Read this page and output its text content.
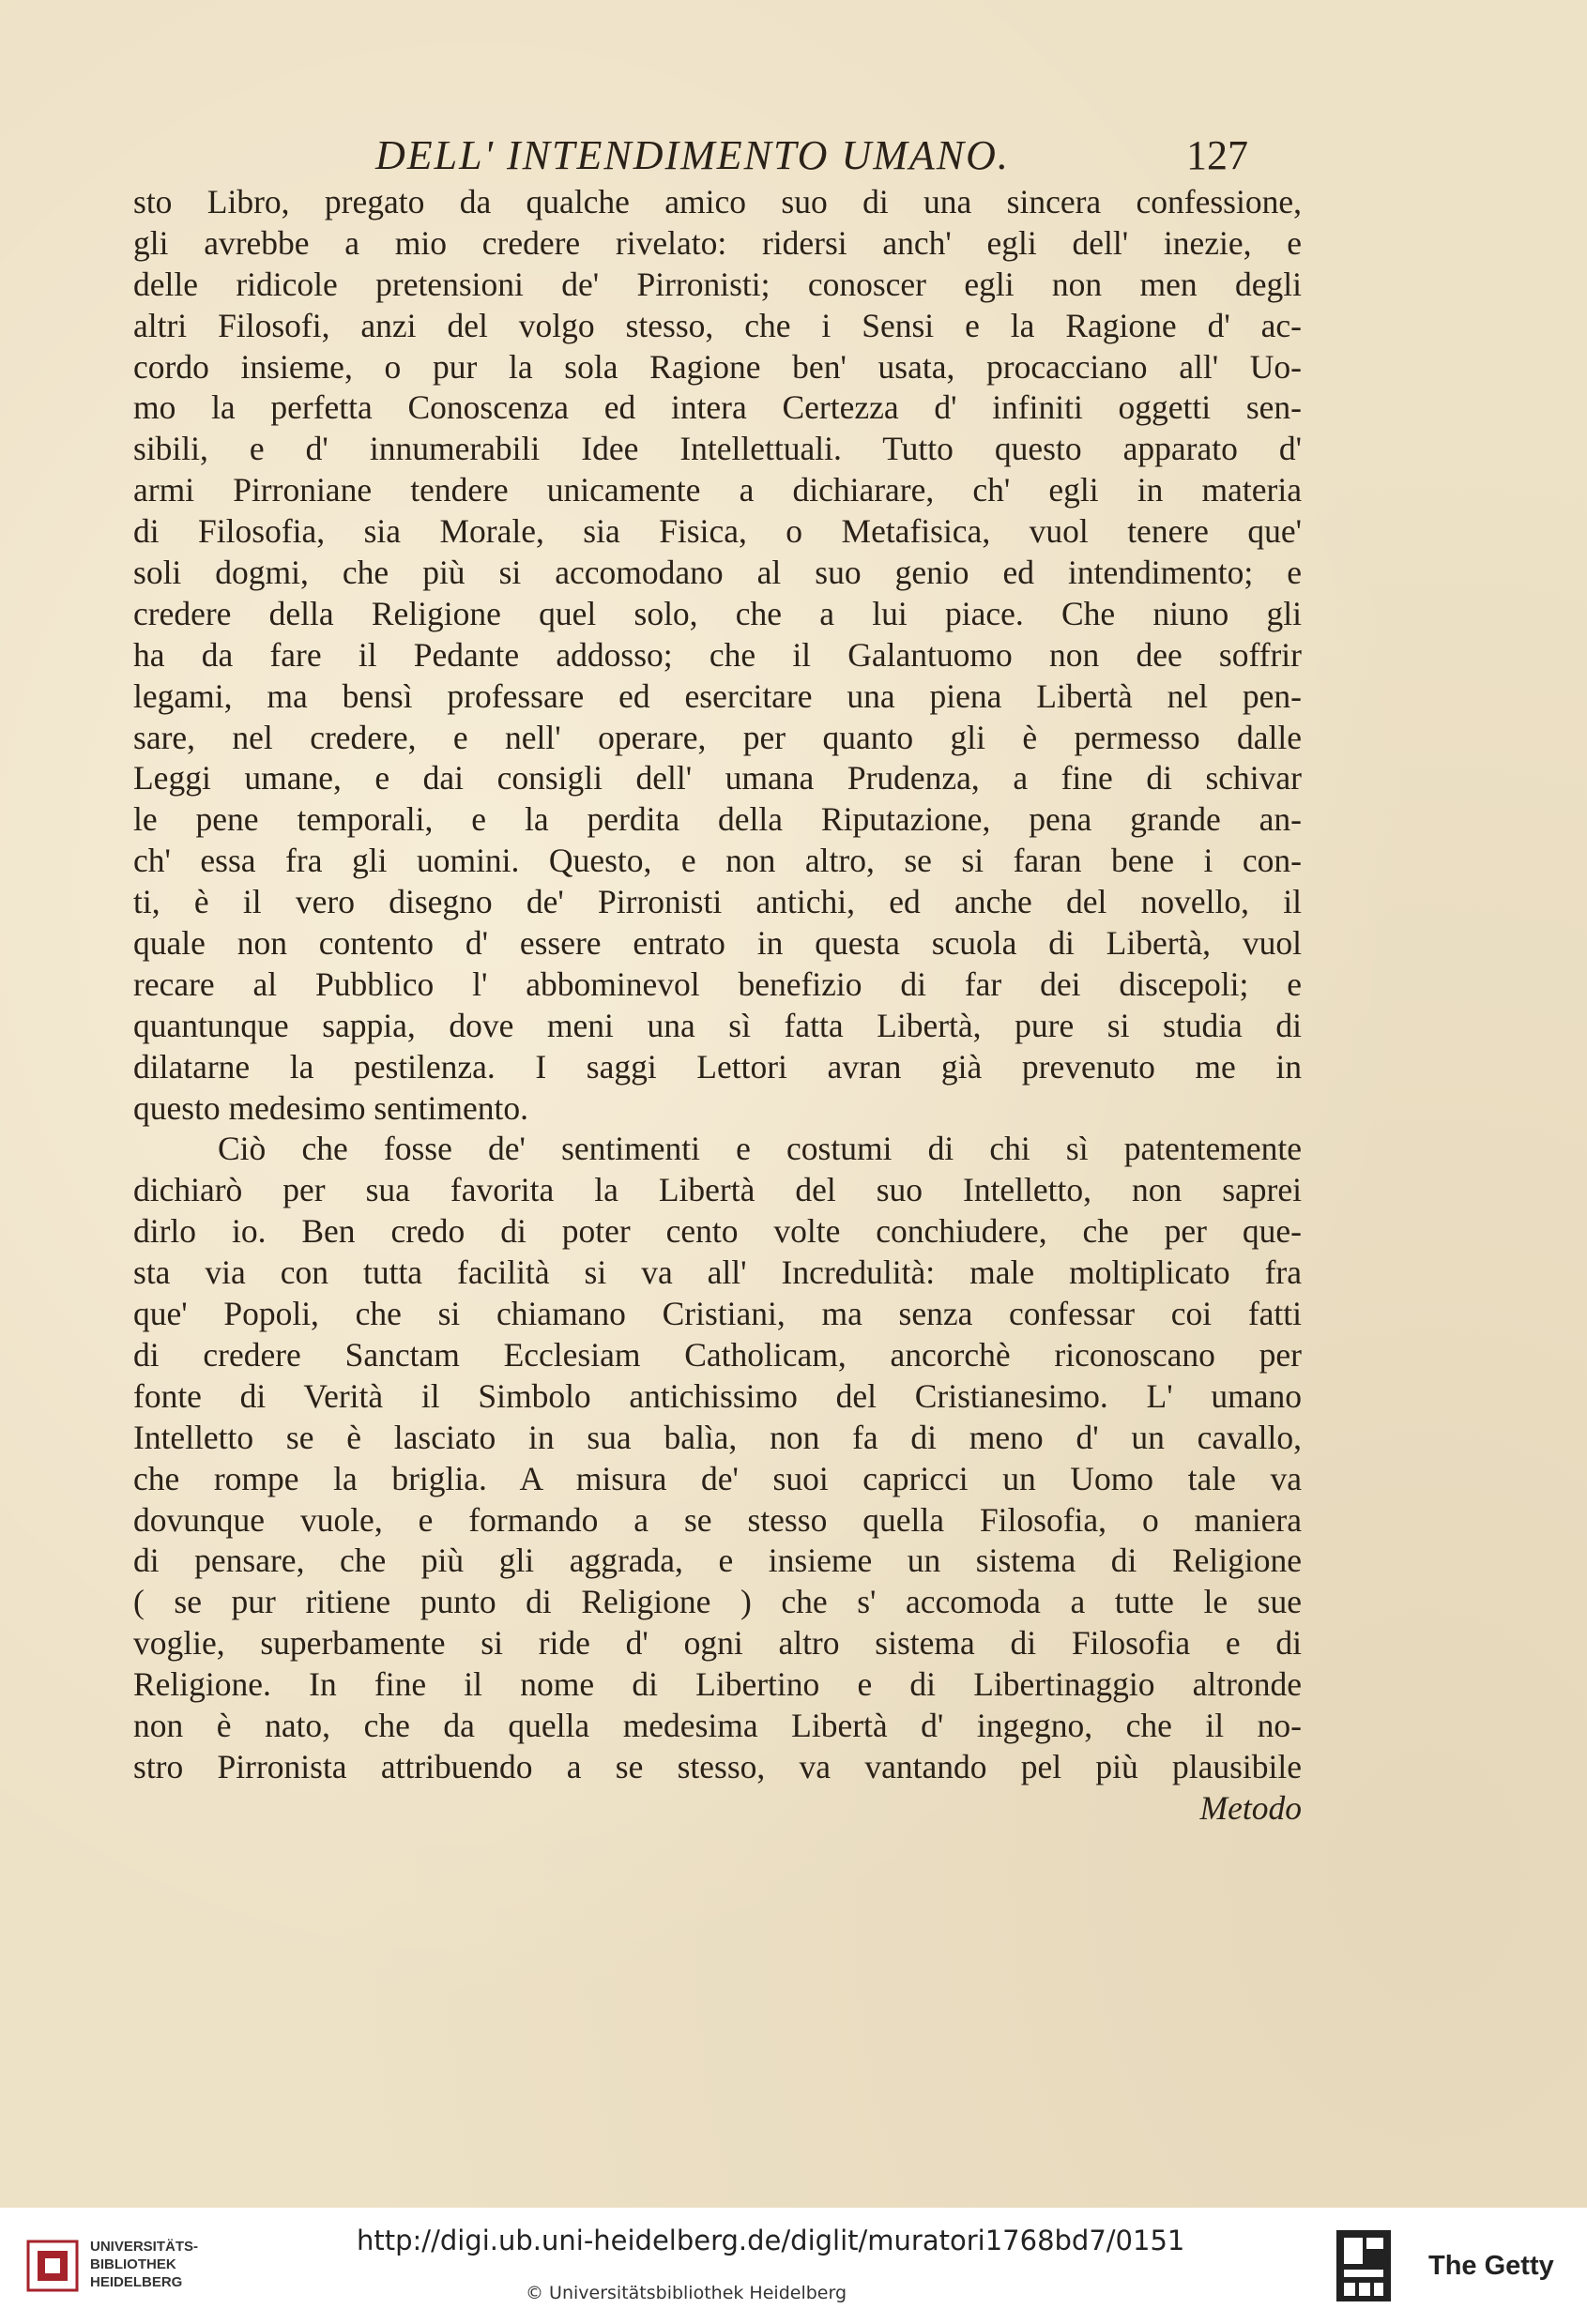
DELL' INTENDIMENTO UMANO.	127
sto Libro, pregato da qualche amico suo di una sincera confessione,
gli avrebbe a mio credere rivelato: ridersi anch' egli dell' inezie, e
delle ridicole pretensioni de' Pirronisti; conoscer egli non men degli
altri Filosofi, anzi del volgo stesso, che i Sensi e la Ragione d' ac-
cordo insieme, o pur la sola Ragione ben' usata, procacciano all' Uo-
mo la perfetta Conoscenza ed intera Certezza d' infiniti oggetti sen-
sibili, e d' innumerabili Idee Intellettuali. Tutto questo apparato d'
armi Pirroniane tendere unicamente a dichiarare, ch' egli in materia
di Filosofia, sia Morale, sia Fisica, o Metafisica, vuol tenere que'
soli dogmi, che più si accomodano al suo genio ed intendimento; e
credere della Religione quel solo, che a lui piace. Che niuno gli
ha da fare il Pedante addosso; che il Galantuomo non dee soffrir
legami, ma bensì professare ed esercitare una piena Libertà nel pen-
sare, nel credere, e nell' operare, per quanto gli è permesso dalle
Leggi umane, e dai consigli dell' umana Prudenza, a fine di schivar
le pene temporali, e la perdita della Riputazione, pena grande an-
ch' essa fra gli uomini. Questo, e non altro, se si faran bene i con-
ti, è il vero disegno de' Pirronisti antichi, ed anche del novello, il
quale non contento d' essere entrato in questa scuola di Libertà, vuol
recare al Pubblico l' abbominevol benefizio di far dei discepoli; e
quantunque sappia, dove meni una sì fatta Libertà, pure si studia di
dilatarne la pestilenza. I saggi Lettori avran già prevenuto me in
questo medesimo sentimento.
Ciò che fosse de' sentimenti e costumi di chi sì patentemente
dichiarò per sua favorita la Libertà del suo Intelletto, non saprei
dirlo io. Ben credo di poter cento volte conchiudere, che per que-
sta via con tutta facilità si va all' Incredulità: male moltiplicato fra
que' Popoli, che si chiamano Cristiani, ma senza confessar coi fatti
di credere Sanctam Ecclesiam Catholicam, ancorchè riconoscano per
fonte di Verità il Simbolo antichissimo del Cristianesimo. L' umano
Intelletto se è lasciato in sua balìa, non fa di meno d' un cavallo,
che rompe la briglia. A misura de' suoi capricci un Uomo tale va
dovunque vuole, e formando a se stesso quella Filosofia, o maniera
di pensare, che più gli aggrada, e insieme un sistema di Religione
( se pur ritiene punto di Religione ) che s' accomoda a tutte le sue
voglie, superbamente si ride d' ogni altro sistema di Filosofia e di
Religione. In fine il nome di Libertino e di Libertinaggio altronde
non è nato, che da quella medesima Libertà d' ingegno, che il no-
stro Pirronista attribuendo a se stesso, va vantando pel più plausibile
Metodo
UNIVERSITÄTS-
BIBLIOTHEK
HEIDELBERG
http://digi.ub.uni-heidelberg.de/diglit/muratori1768bd7/0151
© Universitätsbibliothek Heidelberg
The Getty
